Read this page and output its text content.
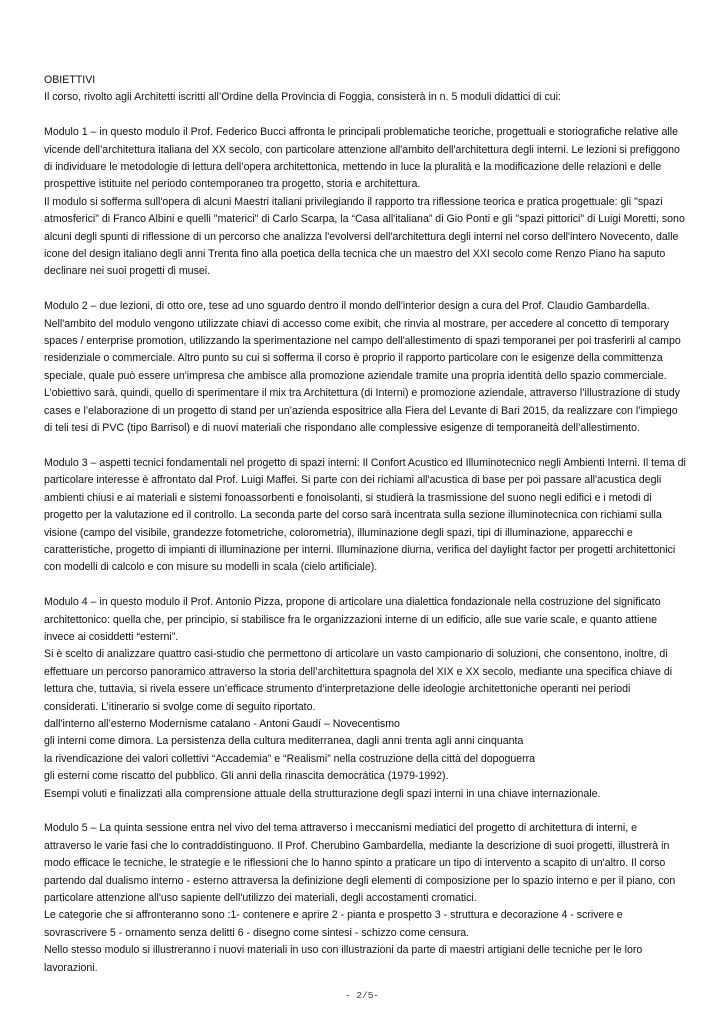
OBIETTIVI

Il corso, rivolto agli Architetti iscritti all’Ordine della Provincia di Foggia, consisterà in n. 5 moduli didattici di cui:

Modulo 1 – in questo modulo il Prof. Federico Bucci affronta le principali problematiche teoriche, progettuali e storiografiche relative alle vicende dell’architettura italiana del XX secolo, con particolare attenzione all'ambito dell'architettura degli interni. Le lezioni si prefiggono di individuare le metodologie di lettura dell’opera architettonica, mettendo in luce la pluralità e la modificazione delle relazioni e delle prospettive istituite nel periodo contemporaneo tra progetto, storia e architettura.

Il modulo si sofferma sull'opera di alcuni Maestri italiani privilegiando il rapporto tra riflessione teorica e pratica progettuale: gli "spazi atmosferici" di Franco Albini e quelli "materici" di Carlo Scarpa, la “Casa all'italiana” di Gio Ponti e gli "spazi pittorici" di Luigi Moretti, sono alcuni degli spunti di riflessione di un percorso che analizza l'evolversi dell'architettura degli interni nel corso dell'intero Novecento, dalle icone del design italiano degli anni Trenta fino alla poetica della tecnica che un maestro del XXI secolo come Renzo Piano ha saputo declinare nei suoi progetti di musei.

Modulo 2 – due lezioni, di otto ore, tese ad uno sguardo dentro il mondo dell'interior design a cura del Prof. Claudio Gambardella. Nell'ambito del modulo vengono utilizzate chiavi di accesso come exibit, che rinvia al mostrare, per accedere al concetto di temporary spaces / enterprise promotion, utilizzando la sperimentazione nel campo dell'allestimento di spazi temporanei per poi trasferirli al campo residenziale o commerciale. Altro punto su cui si sofferma il corso è proprio il rapporto particolare con le esigenze della committenza speciale, quale può essere un'impresa che ambisce alla promozione aziendale tramite una propria identità dello spazio commerciale. L’obiettivo sarà, quindi, quello di sperimentare il mix tra Architettura (di Interni) e promozione aziendale, attraverso l’illustrazione di study cases e l’elaborazione di un progetto di stand per un’azienda espositrice alla Fiera del Levante di Bari 2015, da realizzare con l’impiego di teli tesi di PVC (tipo Barrisol) e di nuovi materiali che rispondano alle complessive esigenze di temporaneità dell’allestimento.

Modulo 3 – aspetti tecnici fondamentali nel progetto di spazi interni: Il Confort Acustico ed Illuminotecnico negli Ambienti Interni. Il tema di particolare interesse è affrontato dal Prof. Luigi Maffei. Si parte con dei richiami all'acustica di base per poi passare all'acustica degli ambienti chiusi e ai materiali e sistemi fonoassorbenti e fonoisolanti, si studierà la trasmissione del suono negli edifici e i metodi di progetto per la valutazione ed il controllo. La seconda parte del corso sarà incentrata sulla sezione illuminotecnica con richiami sulla visione (campo del visibile, grandezze fotometriche, colorometria), illuminazione degli spazi, tipi di illuminazione, apparecchi e caratteristiche, progetto di impianti di illuminazione per interni. Illuminazione diurna, verifica del daylight factor per progetti architettonici con modelli di calcolo e con misure su modelli in scala (cielo artificiale).

Modulo 4 – in questo modulo il Prof. Antonio Pizza, propone di articolare una dialettica fondazionale nella costruzione del significato architettonico: quella che, per principio, si stabilisce fra le organizzazioni interne di un edificio, alle sue varie scale, e quanto attiene invece ai cosiddetti “esterni”.

Si è scelto di analizzare quattro casi-studio che permettono di articolare un vasto campionario di soluzioni, che consentono, inoltre, di effettuare un percorso panoramico attraverso la storia dell’architettura spagnola del XIX e XX secolo, mediante una specifica chiave di lettura che, tuttavia, si rivela essere un’efficace strumento d’interpretazione delle ideologie architettoniche operanti nei periodi considerati. L’itinerario si svolge come di seguito riportato.

dall'interno all’esterno Modernisme catalano - Antoni Gaudí – Novecentismo

gli interni come dimora. La persistenza della cultura mediterranea, dagli anni trenta agli anni cinquanta

la rivendicazione dei valori collettivi “Accademia” e “Realismi” nella costruzione della città del dopoguerra

gli esterni come riscatto del pubblico. Gli anni della rinascita democrática (1979-1992).

Esempi voluti e finalizzati alla comprensione attuale della strutturazione degli spazi interni in una chiave internazionale.

Modulo 5 – La quinta sessione entra nel vivo del tema attraverso i meccanismi mediatici del progetto di architettura di interni, e attraverso le varie fasi che lo contraddistinguono. Il Prof. Cherubino Gambardella, mediante la descrizione di suoi progetti, illustrerà in modo efficace le tecniche, le strategie e le riflessioni che lo hanno spinto a praticare un tipo di intervento a scapito di un'altro. Il corso partendo dal dualismo interno - esterno attraversa la definizione degli elementi di composizione per lo spazio interno e per il piano, con particolare attenzione all'uso sapiente dell'utilizzo dei materiali, degli accostamenti cromatici.

Le categorie che si affronteranno sono :1- contenere e aprire 2 - pianta e prospetto 3 - struttura e decorazione 4 - scrivere e sovrascrivere 5 - ornamento senza delitti 6 - disegno come sintesi - schizzo come censura.

Nello stesso modulo si illustreranno i nuovi materiali in uso con illustrazioni da parte di maestri artigiani delle tecniche per le loro lavorazioni.

- 2/5-
